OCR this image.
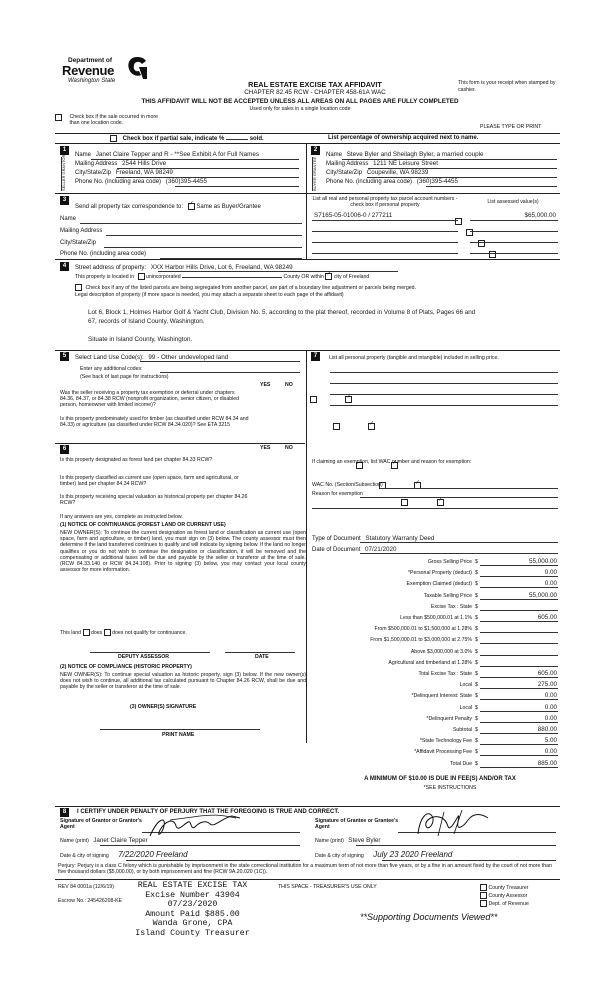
Department of
Revenue
Washington State	REAL ESTATE EXCISE TAX AFFIDAVIT
CHAPTER 82.45 RCW - CHAPTER 458-61A WAC
This form is your receipt when stamped by cashier.
THIS AFFIDAVIT WILL NOT BE ACCEPTED UNLESS ALL AREAS ON ALL PAGES ARE FULLY COMPLETED
Used only for sales in a single location code
Check box if the sale occurred in more than one location code.
PLEASE TYPE OR PRINT
Check box if partial sale, indicate %	sold.	List percentage of ownership acquired next to name.
1
SELLER GRANTOR	Name Janet Claire Tepper and R - **See Exhibit A for Full Names
Mailing Address 2544 Hills Drive
City/State/Zip Freeland, WA 98249
Phone No. (including area code) (360)395-4455
2
BUYER GRANTEE
Name Steve Byler and Sheilagh Byler, a married couple
Mailing Address 1211 NE Leisure Street
City/State/Zip Coupeville, WA 98239
Phone No. (including area code) (360)395-4455
3
Send all property tax correspondence to: ✓ Same as Buyer/Grantee
Name
Mailing Address
City/State/Zip
Phone No. (including area code)
List all real and personal property tax parcel account numbers - check box if personal property
List assessed value(s)
S7165-05-01006-0 / 277211	$65,000.00

4	Street address of property: XXX Harbor Hills Drive, Lot 6, Freeland, WA 98249
This property is located in unincorporated	County OR within ✓ city of Freeland
Check box if any of the listed parcels are being segregated from another parcel, are part of a boundary line adjustment or parcels being merged.
Legal description of property (if more space is needed, you may attach a separate sheet to each page of the affidavit)
Lot 6, Block 1, Holmes Harbor Golf & Yacht Club, Division No. 5, according to the plat thereof, recorded in Volume 8 of Plats, Pages 66 and
67, records of Island County, Washington.
Situate in Island County, Washington.
5	Select Land Use Code(s): 99 - Other undeveloped land
Enter any additional codes:
(See back of last page for instructions)
YES	NO
Was the seller receiving a property tax exemption or deferral under chapters 84.36, 84.37, or 84.38 RCW (nonprofit organization, senior citizen, or disabled person, homeowner with limited income)?
✓
Is this property predominately used for timber (as classified under RCW 84.34 and 84.33) or agriculture (as classified under RCW 84.34.020)? See ETA 3215
✓
6	YES	NO
Is this property designated as forest land per chapter 84.33 RCW?
✓
Is this property classified as current use (open space, farm and agricultural, or timber) land per chapter 84.34 RCW?
✓
Is this property receiving special valuation as historical property per chapter 84.26 RCW?
✓
If any answers are yes, complete as instructed below.
(1) NOTICE OF CONTINUANCE (FOREST LAND OR CURRENT USE)
NEW OWNER(S): To continue the current designation as forest land or classification as current use (open space, farm and agriculture, or timber) land, you must sign on (3) below. The county assessor must then determine if the land transferred continues to qualify and will indicate by signing below. If the land no longer qualifies or you do not wish to continue the designation or classification, it will be removed and the compensating or additional taxes will be due and payable by the seller or transferor at the time of sale. (RCW 84.33.140 or RCW 84.34.108). Prior to signing (3) below, you may contact your local county assessor for more information.
This land does does not qualify for continuance.
DEPUTY ASSESSOR	DATE
(2) NOTICE OF COMPLIANCE (HISTORIC PROPERTY)
NEW OWNER(S): To continue special valuation as historic property, sign (3) below. If the new owner(s) does not wish to continue, all additional tax calculated pursuant to Chapter 84.26 RCW, shall be due and payable by the seller or transferor at the time of sale.
(3) OWNER(S) SIGNATURE
PRINT NAME
7	List all personal property (tangible and intangible) included in selling price.
If claiming an exemption, list WAC number and reason for exemption:
WAC No. (Section/Subsection)
Reason for exemption
Type of Document Statutory Warranty Deed
Date of Document 07/21/2020
Gross Selling Price $	55,000.00
*Personal Property (deduct) $	0.00
Exemption Claimed (deduct) $	0.00
Taxable Selling Price $	55,000.00
Excise Tax : State $
Less than $500,000.01 at 1.1% $	605.00
From $500,000.01 to $1,500,000 at 1.28% $
From $1,500,000.01 to $3,000,000 at 2.75% $
Above $3,000,000 at 3.0% $
Agricultural and timberland at 1.28% $
Total Excise Tax : State $	605.00
Local $	275.00
*Delinquent Interest: State $	0.00
Local $	0.00
*Delinquent Penalty $	0.00
Subtotal $	880.00
*State Technology Fee $	5.00
*Affidavit Processing Fee $	0.00
Total Due $	885.00
A MINIMUM OF $10.00 IS DUE IN FEE(S) AND/OR TAX
*SEE INSTRUCTIONS
8	I CERTIFY UNDER PENALTY OF PERJURY THAT THE FOREGOING IS TRUE AND CORRECT.
Signature of Grantor or Grantor's Agent
Signature of Grantee or Grantee's Agent
Name (print) Janet Claire Tepper	Name (print) Steve Byler
Date & city of signing 7/22/2020 Freeland	Date & city of signing July 23 2020 Freeland
Perjury: Perjury is a class C felony which is punishable by imprisonment in the state correctional institution for a maximum term of not more than five years, or by a fine in an amount fixed by the court of not more than five thousand dollars ($5,000.00), or by both imprisonment and fine (RCW 9A.20.020 (1C)).
REV 84 0001a (12/6/19)
Escrow No.: 245426208-KE
THIS SPACE - TREASURER'S USE ONLY	County Treasurer
County Assessor
Dept. of Revenue
REAL ESTATE EXCISE TAX
Excise Number 43904
07/23/2020
Amount Paid $885.00
Wanda Grone, CPA
Island County Treasurer
**Supporting Documents Viewed**
